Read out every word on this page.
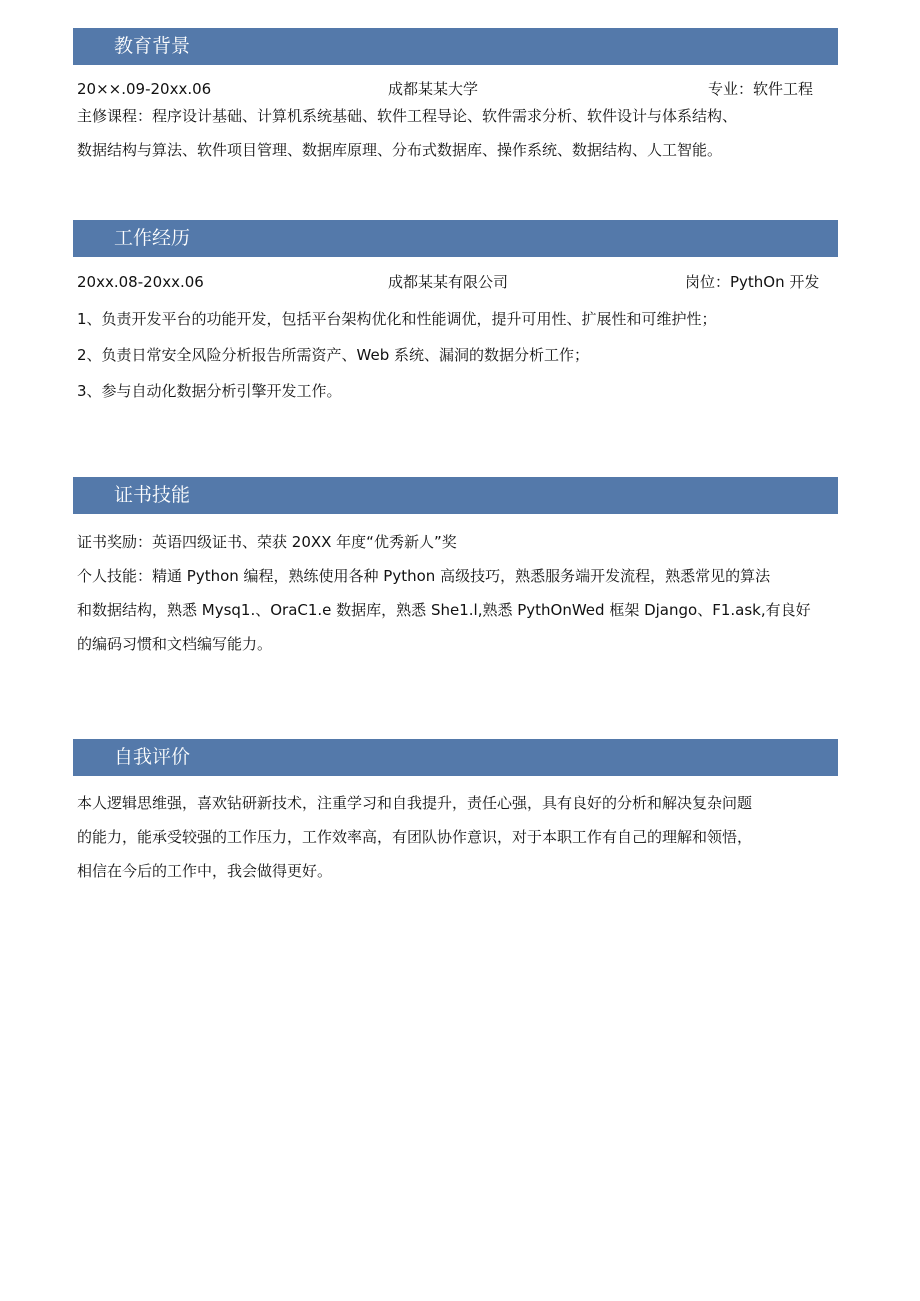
教育背景
20××.09-20xx.06	成都某某大学	专业：软件工程
主修课程：程序设计基础、计算机系统基础、软件工程导论、软件需求分析、软件设计与体系结构、
数据结构与算法、软件项目管理、数据库原理、分布式数据库、操作系统、数据结构、人工智能。
工作经历
20xx.08-20xx.06	成都某某有限公司	岗位：PythOn 开发
1、负责开发平台的功能开发，包括平台架构优化和性能调优，提升可用性、扩展性和可维护性；
2、负责日常安全风险分析报告所需资产、Web 系统、漏洞的数据分析工作；
3、参与自动化数据分析引擎开发工作。
证书技能
证书奖励：英语四级证书、荣获 20XX 年度“优秀新人”奖
个人技能：精通 Python 编程，熟练使用各种 Python 高级技巧，熟悉服务端开发流程，熟悉常见的算法
和数据结构，熟悉 Mysq1.、OraC1.e 数据库，熟悉 She1.l,熟悉 PythOnWed 框架 Django、F1.ask,有良好
的编码习惯和文档编写能力。
自我评价
本人逻辑思维强，喜欢钻研新技术，注重学习和自我提升，责任心强，具有良好的分析和解决复杂问题
的能力，能承受较强的工作压力，工作效率高，有团队协作意识，对于本职工作有自己的理解和领悟，
相信在今后的工作中，我会做得更好。
